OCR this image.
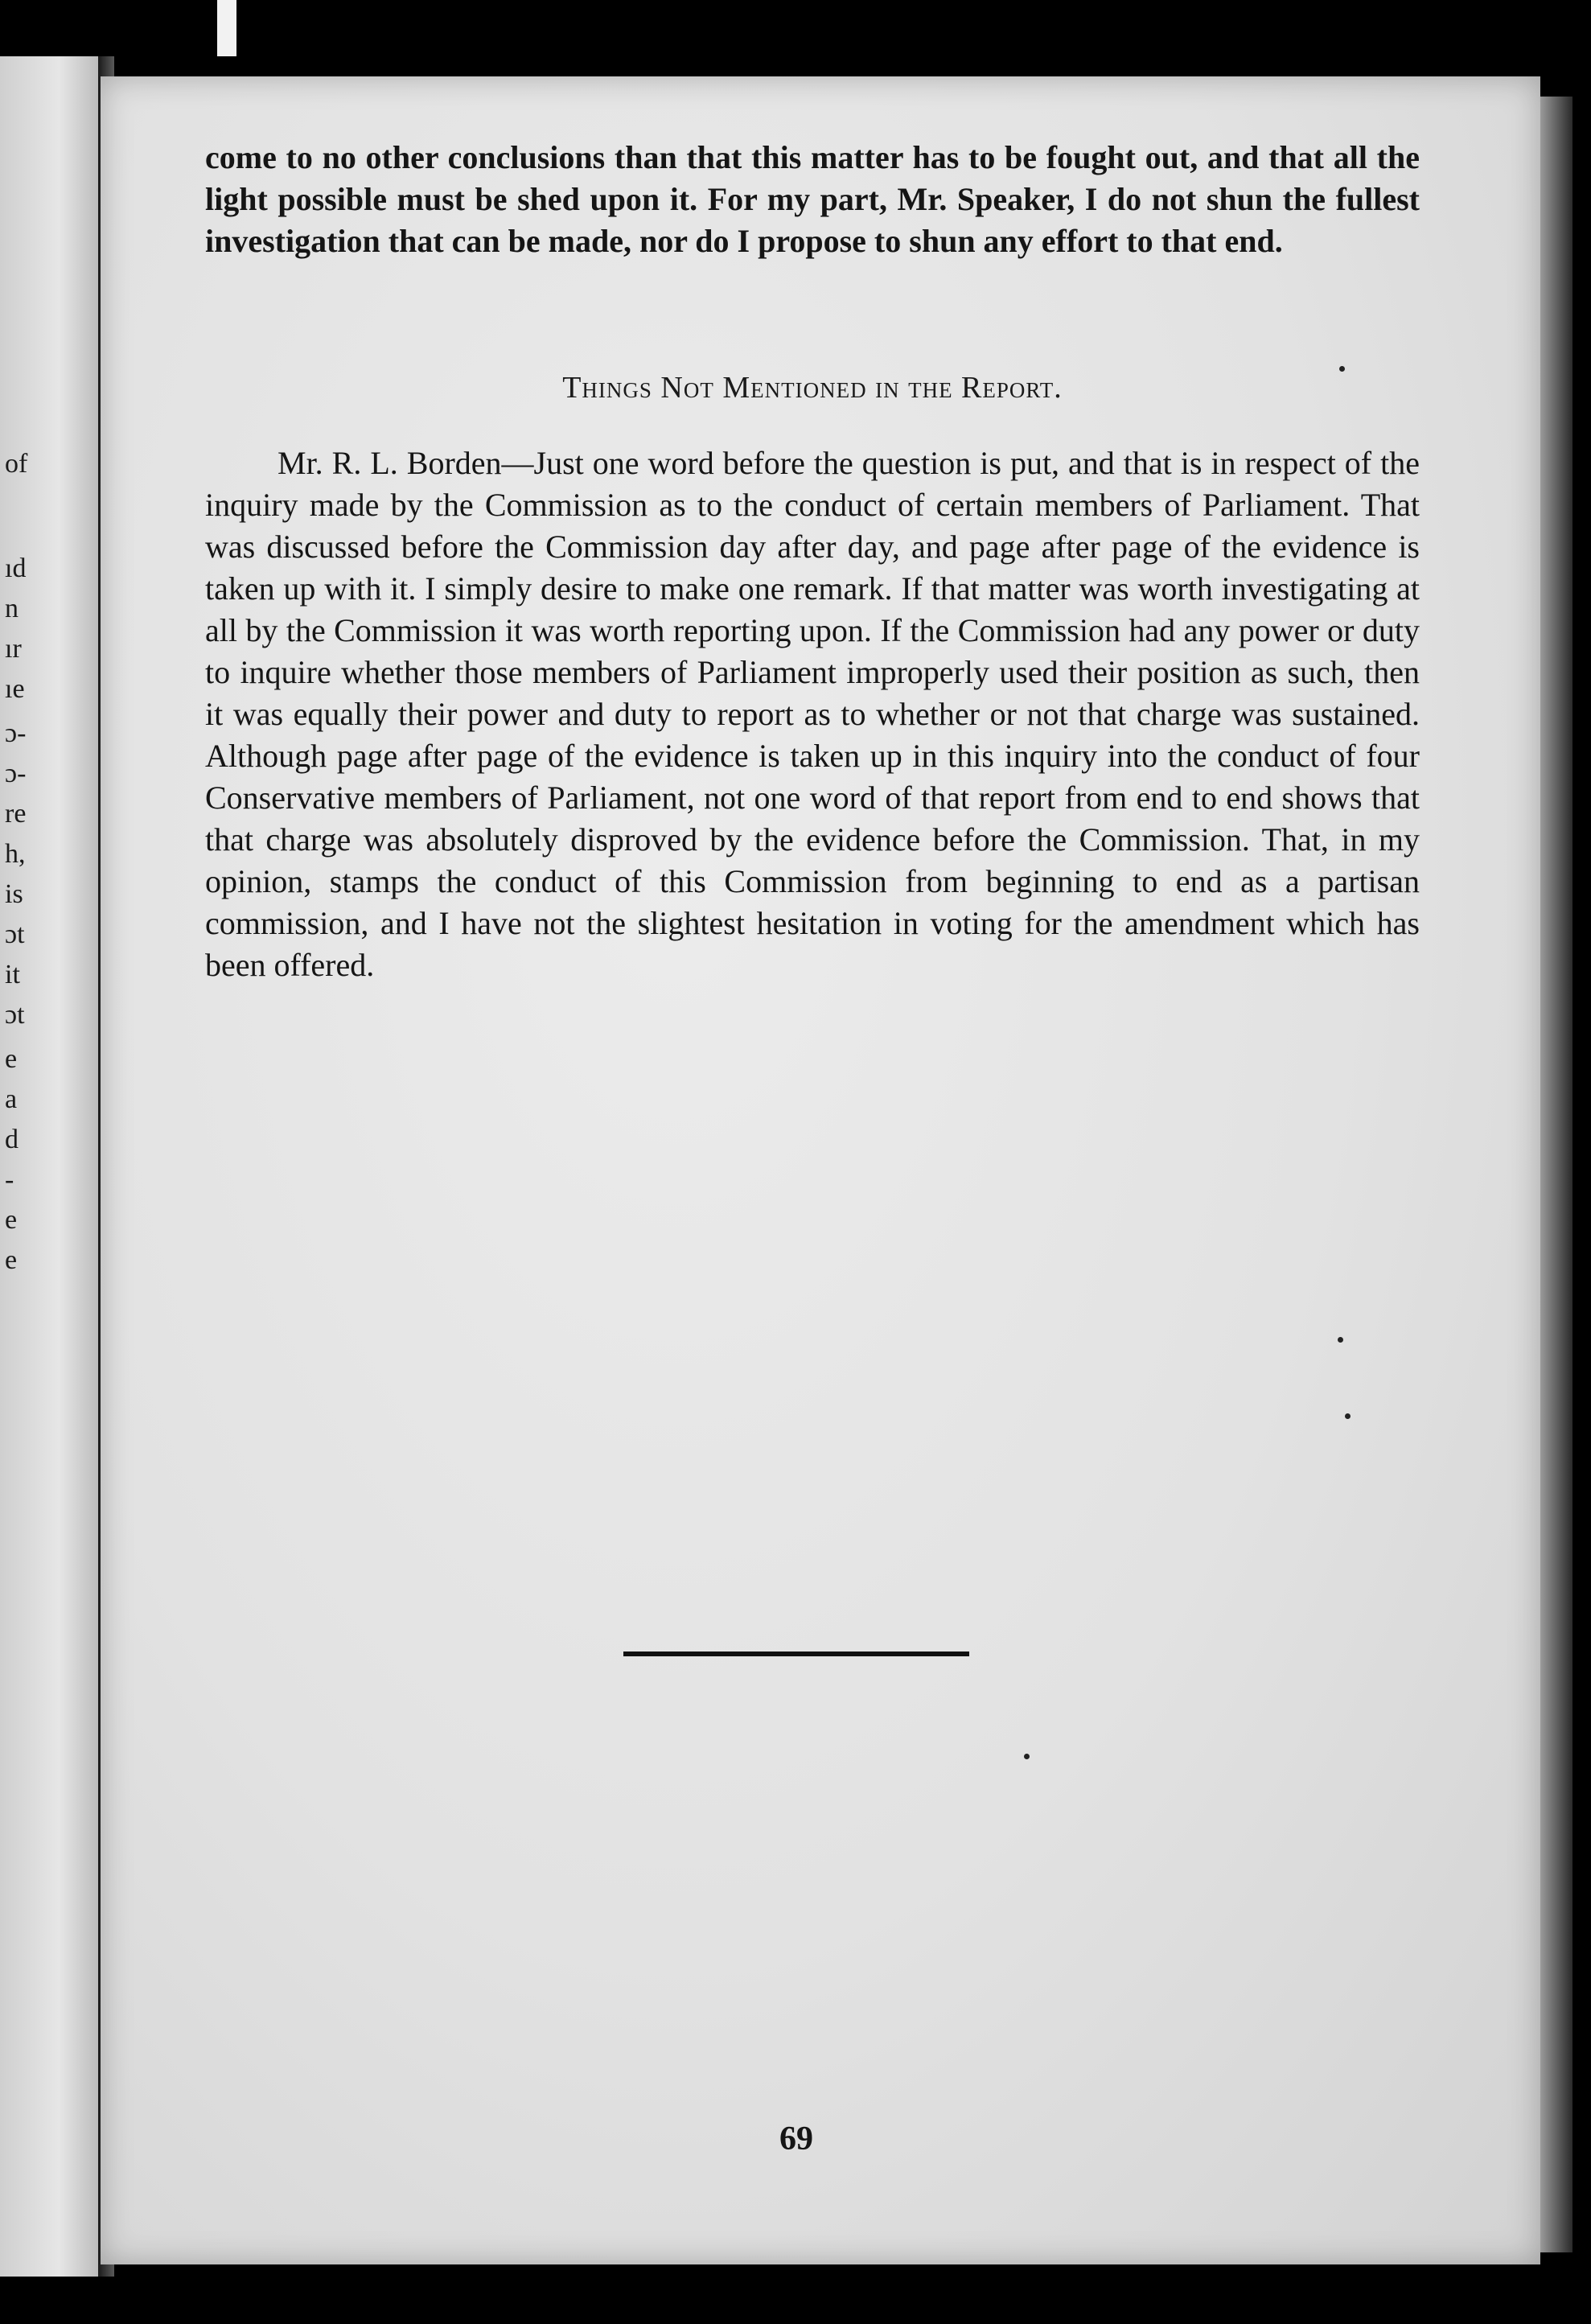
of
ıd
n
ır
ıe
ɔ-
ɔ-
re
h,
is
ɔt
it
ɔt
e
a
d
-
e
e

come to no other conclusions than that this matter has to be fought out, and that all the light possible must be shed upon it. For my part, Mr. Speaker, I do not shun the fullest investigation that can be made, nor do I propose to shun any effort to that end.

Things Not Mentioned in the Report.

Mr. R. L. Borden—Just one word before the question is put, and that is in respect of the inquiry made by the Commission as to the conduct of certain members of Parliament. That was discussed before the Commission day after day, and page after page of the evidence is taken up with it. I simply desire to make one remark. If that matter was worth investigating at all by the Commission it was worth reporting upon. If the Commission had any power or duty to inquire whether those members of Parliament improperly used their position as such, then it was equally their power and duty to report as to whether or not that charge was sustained. Although page after page of the evidence is taken up in this inquiry into the conduct of four Conservative members of Parliament, not one word of that report from end to end shows that that charge was absolutely disproved by the evidence before the Commission. That, in my opinion, stamps the conduct of this Commission from beginning to end as a partisan commission, and I have not the slightest hesitation in voting for the amendment which has been offered.

69
